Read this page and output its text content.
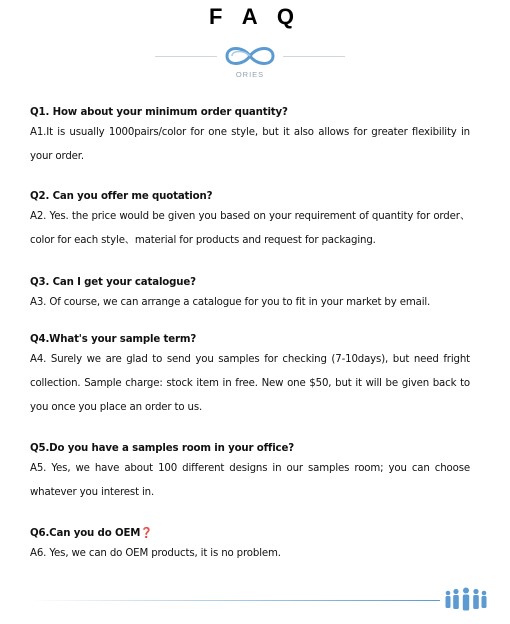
F A Q
ORIES

Q1. How about your minimum order quantity?

A1.It is usually 1000pairs/color for one style, but it also allows for greater flexibility in your order.

Q2. Can you offer me quotation?

A2. Yes. the price would be given you based on your requirement of quantity for order、color for each style、material for products and request for packaging.

Q3. Can I get your catalogue?

A3. Of course, we can arrange a catalogue for you to fit in your market by email.

Q4.What's your sample term?

A4. Surely we are glad to send you samples for checking (7-10days), but need fright collection. Sample charge: stock item in free. New one $50, but it will be given back to you once you place an order to us.

Q5.Do you have a samples room in your office?

A5. Yes, we have about 100 different designs in our samples room; you can choose whatever you interest in.

Q6.Can you do OEM❓

A6. Yes, we can do OEM products, it is no problem.
